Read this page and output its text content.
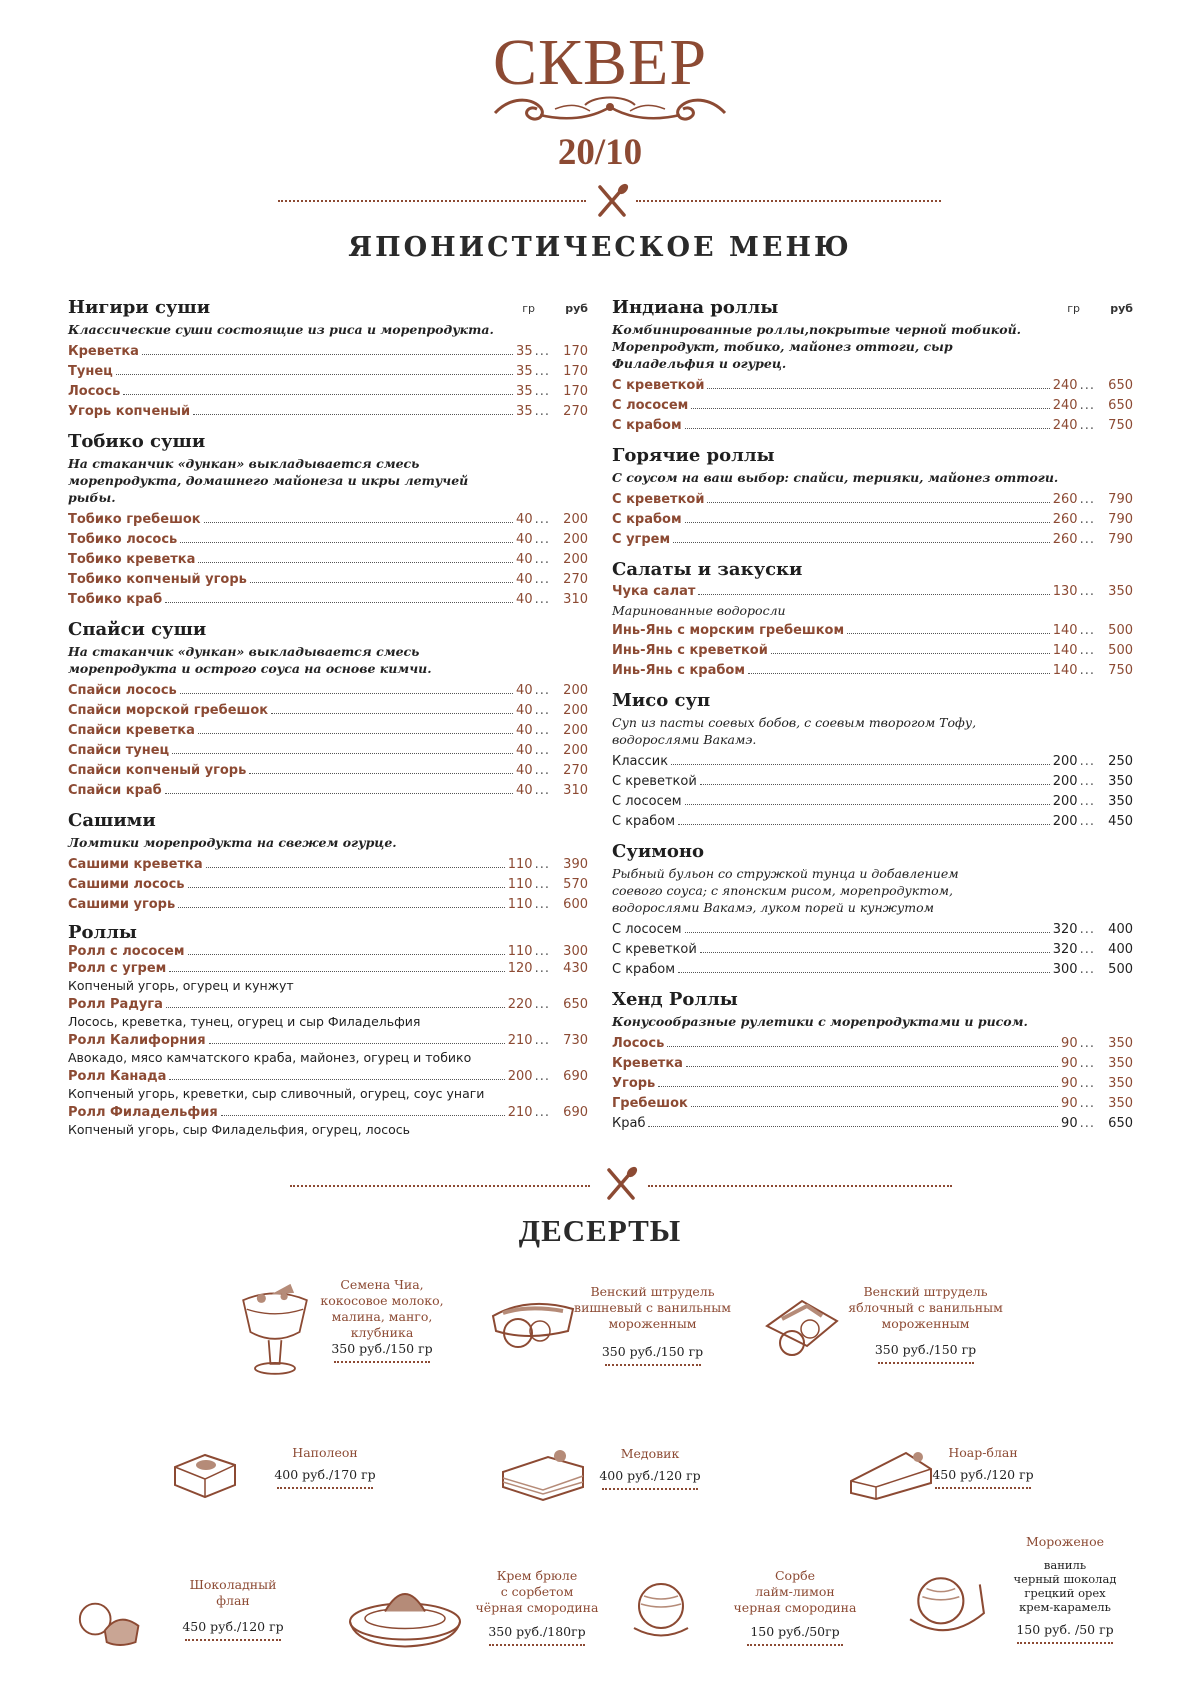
СКВЕР
20/10
ЯПОНИСТИЧЕСКОЕ МЕНЮ
Нигири суши	гр	руб
Классические суши состоящие из риса и морепродукта.
Креветка	35 ...	170
Тунец	35 ...	170
Лосось	35 ...	170
Угорь копченый	35 ...	270
Тобико суши
На стаканчик «дункан» выкладывается смесь морепродукта, домашнего майонеза и икры летучей рыбы.
Тобико гребешок	40 ...	200
Тобико лосось	40 ...	200
Тобико креветка	40 ...	200
Тобико копченый угорь	40 ...	270
Тобико краб	40 ...	310
Спайси суши
На стаканчик «дункан» выкладывается смесь морепродукта и острого соуса на основе кимчи.
Спайси лосось	40 ...	200
Спайси морской гребешок	40 ...	200
Спайси креветка	40 ...	200
Спайси тунец	40 ...	200
Спайси копченый угорь	40 ...	270
Спайси краб	40 ...	310
Сашими
Ломтики морепродукта на свежем огурце.
Сашими креветка	110 ...	390
Сашими лосось	110 ...	570
Сашими угорь	110 ...	600
Роллы
Ролл с лососем	110 ...	300
Ролл с угрем	120 ...	430
Копченый угорь, огурец и кунжут
Ролл Радуга	220 ...	650
Лосось, креветка, тунец, огурец и сыр Филадельфия
Ролл Калифорния	210 ...	730
Авокадо, мясо камчатского краба, майонез, огурец и тобико
Ролл Канада	200 ...	690
Копченый угорь, креветки, сыр сливочный, огурец, соус унаги
Ролл Филадельфия	210 ...	690
Копченый угорь, сыр Филадельфия, огурец, лосось
Индиана роллы	гр	руб
Комбинированные роллы,покрытые черной тобикой. Морепродукт, тобико, майонез оттоги, сыр Филадельфия и огурец.
С креветкой	240 ...	650
С лососем	240 ...	650
С крабом	240 ...	750
Горячие роллы
С соусом на ваш выбор: спайси, терияки, майонез оттоги.
С креветкой	260 ...	790
С крабом	260 ...	790
С угрем	260 ...	790
Салаты и закуски
Чука салат	130 ...	350
Маринованные водоросли
Инь-Янь с морским гребешком	140 ...	500
Инь-Янь с креветкой	140 ...	500
Инь-Янь с крабом	140 ...	750
Мисо суп
Суп из пасты соевых бобов, с соевым творогом Тофу, водорослями Вакамэ.
Классик	200 ...	250
С креветкой	200 ...	350
С лососем	200 ...	350
С крабом	200 ...	450
Суимоно
Рыбный бульон со стружкой тунца и добавлением соевого соуса; с японским рисом, морепродуктом, водорослями Вакамэ, луком порей и кунжутом
С лососем	320 ...	400
С креветкой	320 ...	400
С крабом	300 ...	500
Хенд Роллы
Конусообразные рулетики с морепродуктами и рисом.
Лосось	90 ...	350
Креветка	90 ...	350
Угорь	90 ...	350
Гребешок	90 ...	350
Краб	90 ...	650
ДЕСЕРТЫ
Семена Чиа,
кокосовое молоко,
малина, манго,
клубника
350 руб./150 гр
Венский штрудель
вишневый с ванильным
мороженным
350 руб./150 гр
Венский штрудель
яблочный с ванильным
мороженным
350 руб./150 гр
Наполеон
400 руб./170 гр
Медовик
400 руб./120 гр
Ноар-блан
450 руб./120 гр
Шоколадный
флан
450 руб./120 гр
Крем брюле
с сорбетом
чёрная смородина
350 руб./180гр
Сорбе
лайм-лимон
черная смородина
150 руб./50гр
Мороженое
ваниль
черный шоколад
грецкий орех
крем-карамель
150 руб. /50 гр
